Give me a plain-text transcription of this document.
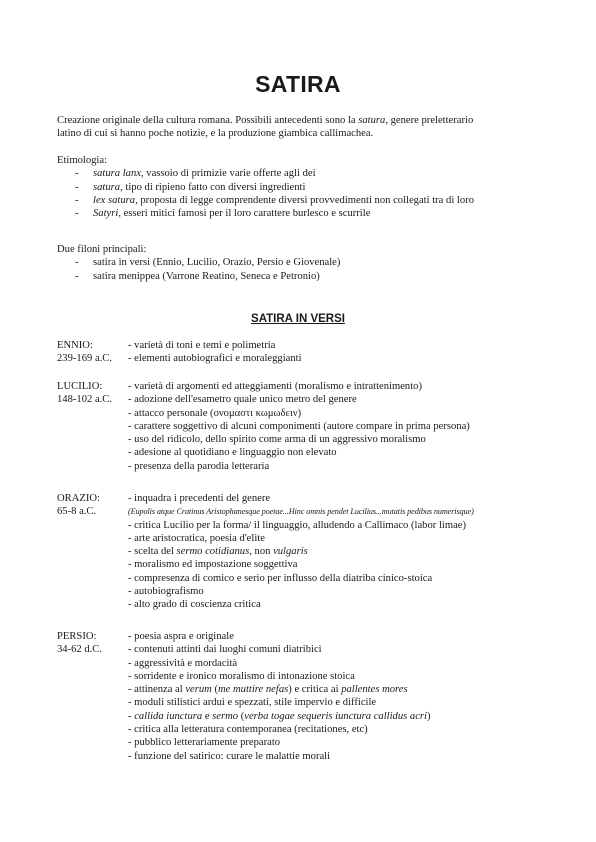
SATIRA

Creazione originale della cultura romana. Possibili antecedenti sono la satura, genere preletterario

latino di cui si hanno poche notizie, e la produzione giambica callimachea.

Etimologia:

- satura lanx, vassoio di primizie varie offerte agli dei
- satura, tipo di ripieno fatto con diversi ingredienti
- lex satura, proposta di legge comprendente diversi provvedimenti non collegati tra di loro
- Satyri, esseri mitici famosi per il loro carattere burlesco e scurrile

Due filoni principali:

- satira in versi (Ennio, Lucilio, Orazio, Persio e Giovenale)
- satira menippea (Varrone Reatino, Seneca e Petronio)
SATIRA IN VERSI
ENNIO:
239-169 a.C.
- varietà di toni e temi e polimetria
- elementi autobiografici e moraleggianti
LUCILIO:
148-102 a.C.
- varietà di argomenti ed atteggiamenti (moralismo e intrattenimento)
- adozione dell'esametro quale unico metro del genere
- attacco personale (ονομαστι κωμωδειν)
- carattere soggettivo di alcuni componimenti (autore compare in prima persona)
- uso del ridicolo, dello spirito come arma di un aggressivo moralismo
- adesione al quotidiano e linguaggio non elevato
- presenza della parodia letteraria
ORAZIO:
65-8 a.C.
- inquadra i precedenti del genere
(Eupolis atque Cratinus Aristophanesque poetae...Hinc omnis pendet Lucilius...mutatis pedibus numerisque)
- critica Lucilio per la forma/ il linguaggio, alludendo a Callimaco (labor limae)
- arte aristocratica, poesia d'elite
- scelta del sermo cotidianus, non vulgaris
- moralismo ed impostazione soggettiva
- compresenza di comico e serio per influsso della diatriba cinico-stoica
- autobiografismo
- alto grado di coscienza critica
PERSIO:
34-62 d.C.
- poesia aspra e originale
- contenuti attinti dai luoghi comuni diatribici
- aggressività e mordacità
- sorridente e ironico moralismo di intonazione stoica
- attinenza al verum (me muttire nefas) e critica ai pallentes mores
- moduli stilistici ardui e spezzati, stile impervio e difficile
- callida iunctura e sermo (verba togae sequeris iunctura callidus acri)
- critica alla letteratura contemporanea (recitationes, etc)
- pubblico letterariamente preparato
- funzione del satirico: curare le malattie morali
